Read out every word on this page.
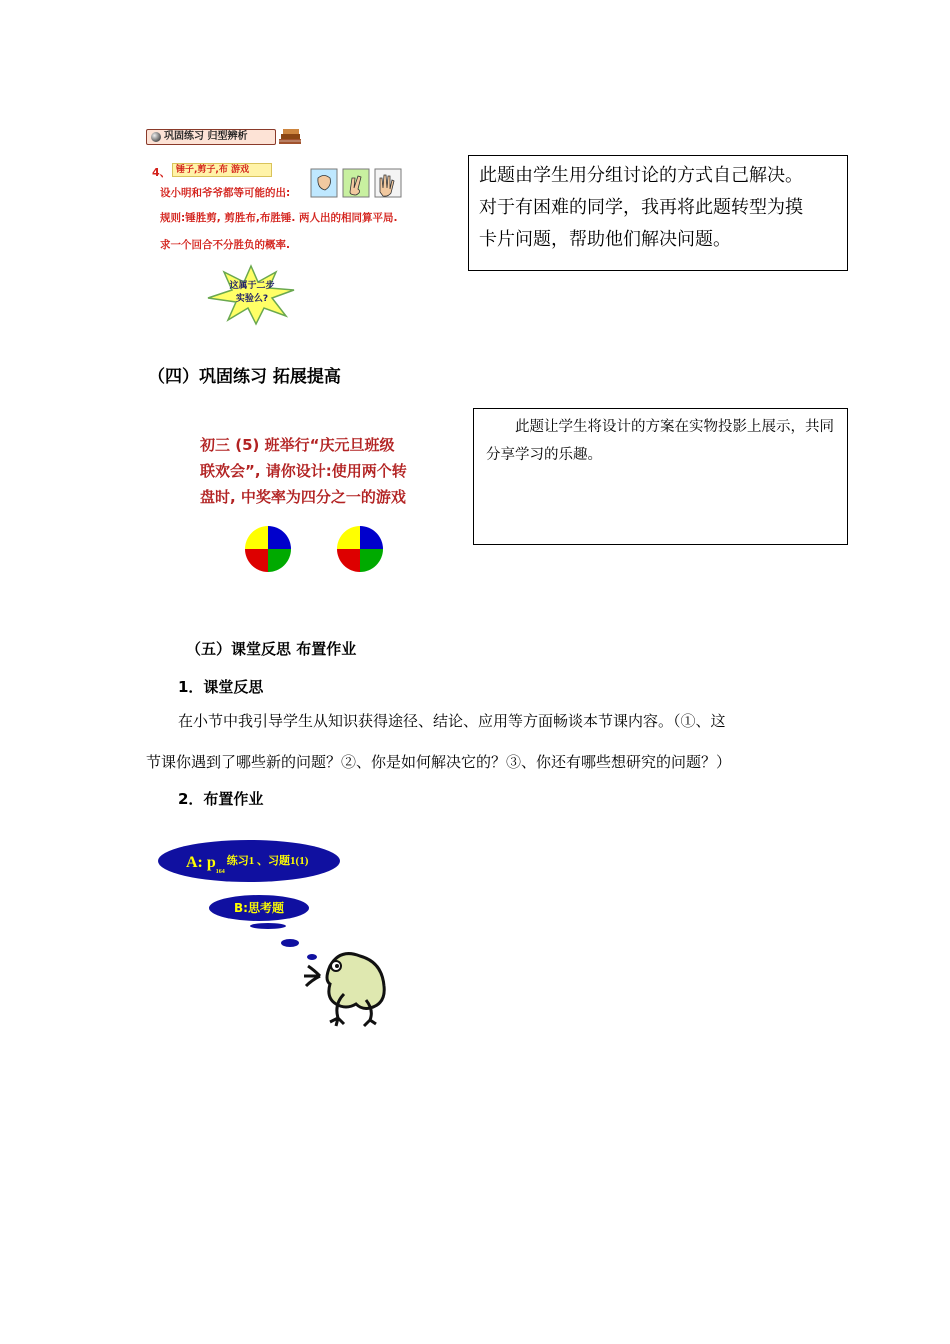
巩固练习 归型辨析
4、 锤子,剪子,布 游戏
设小明和爷爷都等可能的出:
规则:锤胜剪, 剪胜布,布胜锤. 两人出的相同算平局.
求一个回合不分胜负的概率.
这属于二步实验么?
此题由学生用分组讨论的方式自己解决。
对于有困难的同学，我再将此题转型为摸
卡片问题，帮助他们解决问题。
（四）巩固练习 拓展提高
初三 (5) 班举行“庆元旦班级
联欢会”, 请你设计:使用两个转
盘时, 中奖率为四分之一的游戏
此题让学生将设计的方案在实物投影上展示，共同分享学习的乐趣。
（五）课堂反思 布置作业
1．课堂反思
在小节中我引导学生从知识获得途径、结论、应用等方面畅谈本节课内容。（①、这
节课你遇到了哪些新的问题？②、你是如何解决它的？③、你还有哪些想研究的问题？）
2．布置作业
A: $p_{164}$练习1 、习题1(1)
B:思考题
